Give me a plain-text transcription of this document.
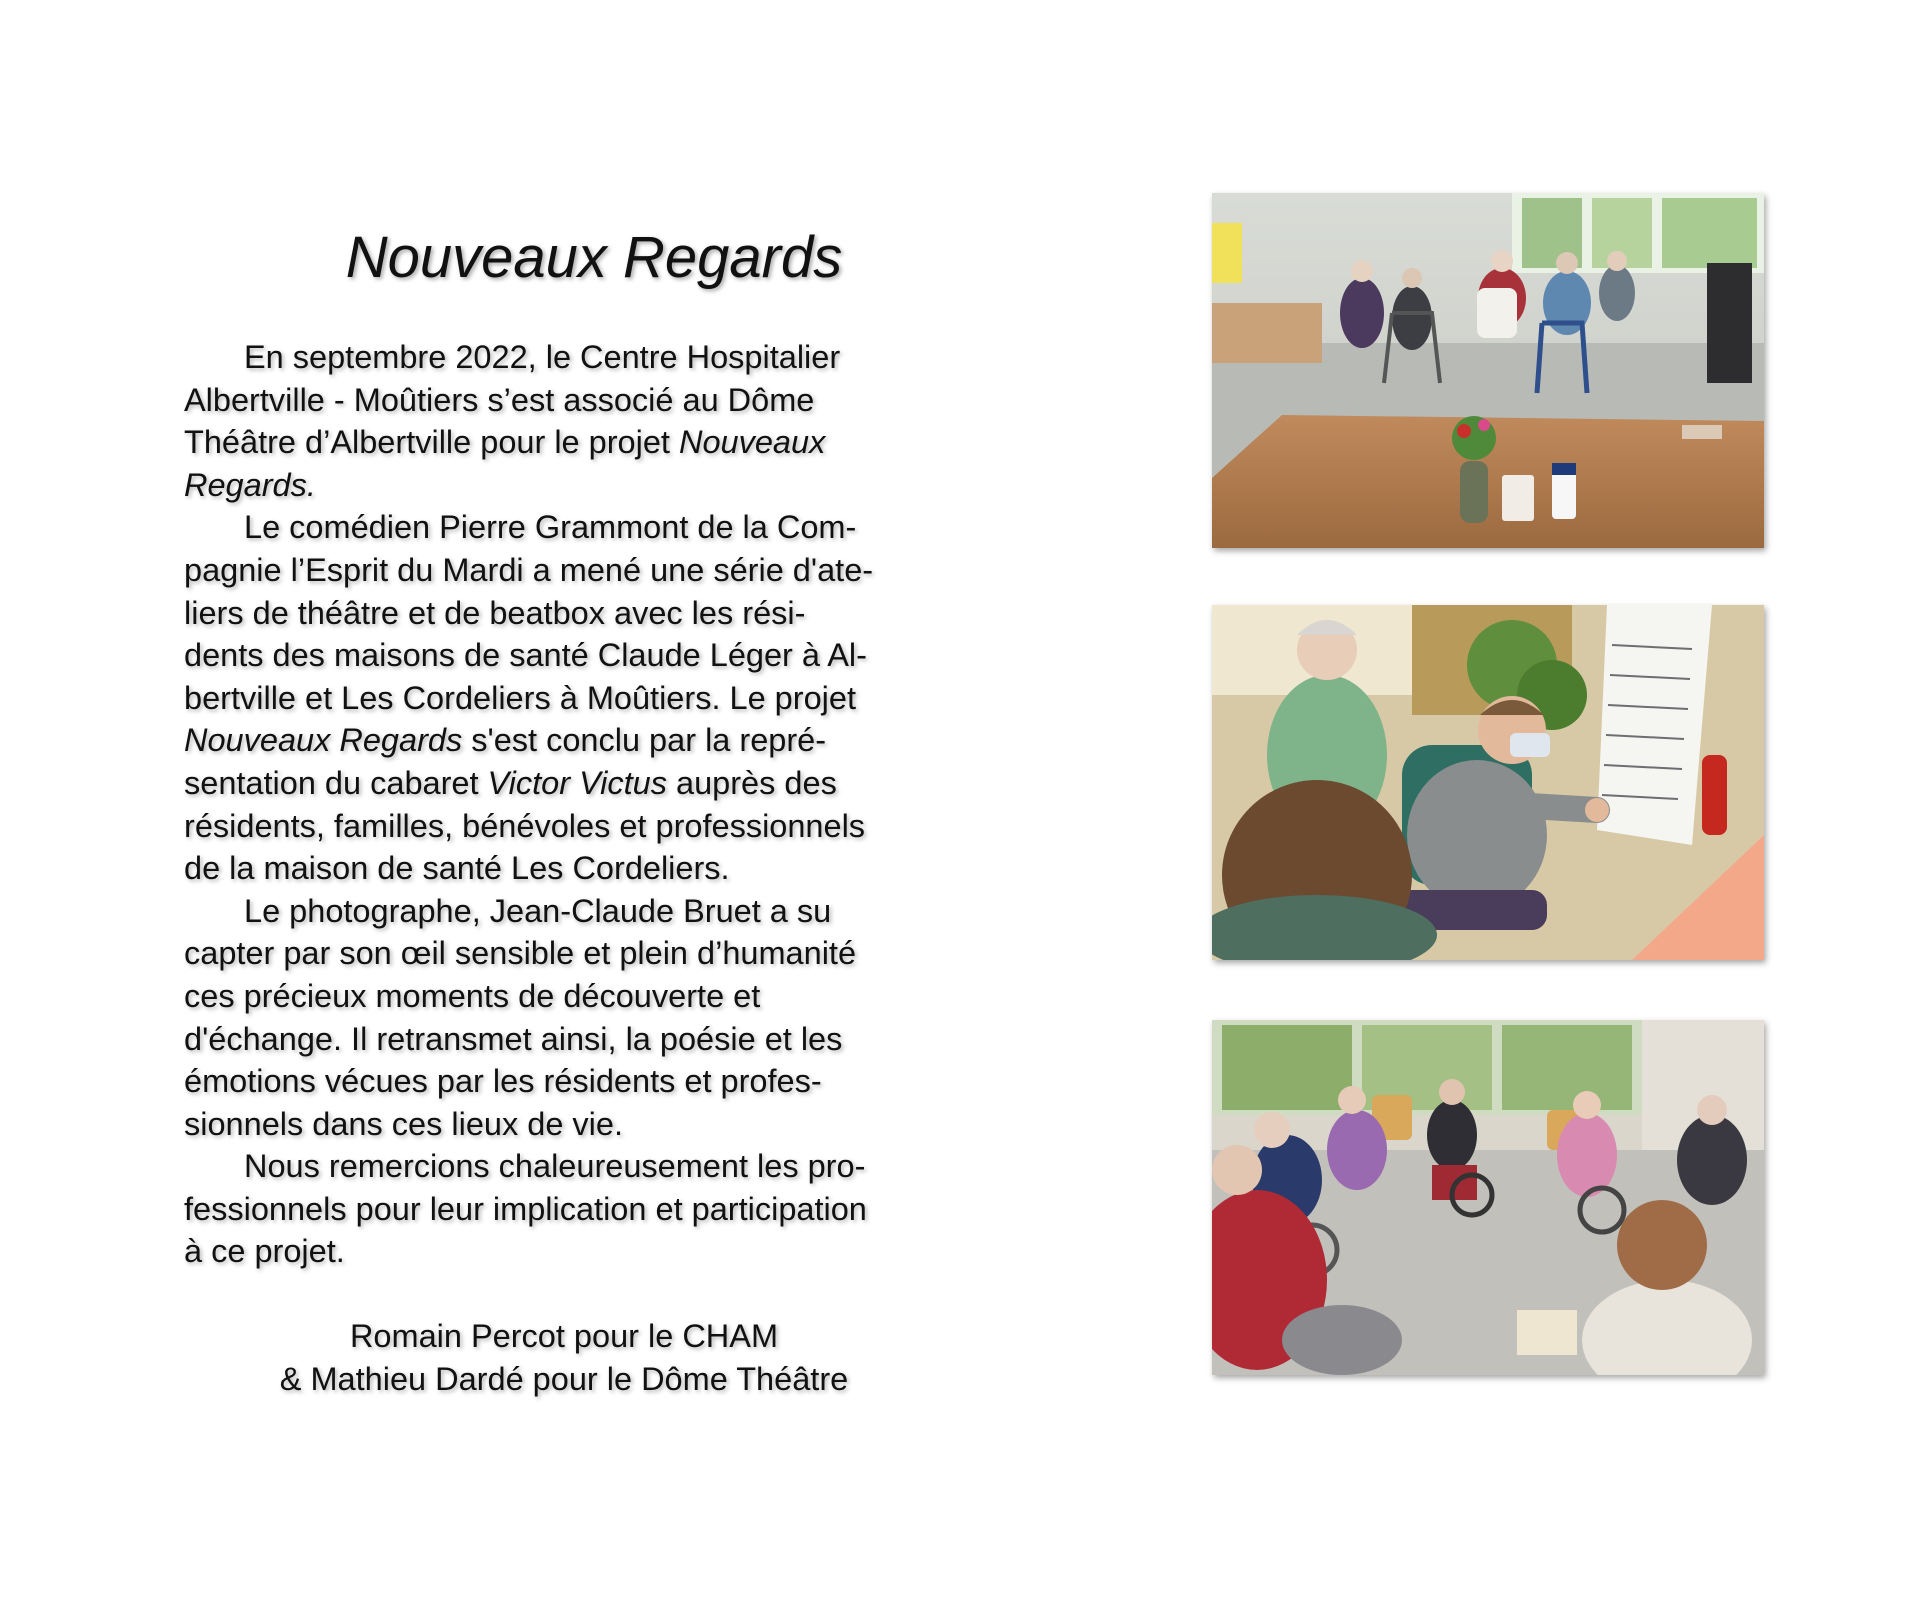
Nouveaux Regards

En septembre 2022, le Centre Hospitalier
Albertville - Moûtiers s’est associé au Dôme
Théâtre d’Albertville pour le projet Nouveaux
Regards.

Le comédien Pierre Grammont de la Com-
pagnie l’Esprit du Mardi a mené une série d'ate-
liers de théâtre et de beatbox avec les rési-
dents des maisons de santé Claude Léger à Al-
bertville et Les Cordeliers à Moûtiers. Le projet
Nouveaux Regards s'est conclu par la repré-
sentation du cabaret Victor Victus auprès des
résidents, familles, bénévoles et professionnels
de la maison de santé Les Cordeliers.

Le photographe, Jean-Claude Bruet a su
capter par son œil sensible et plein d’humanité
ces précieux moments de découverte et
d'échange. Il retransmet ainsi, la poésie et les
émotions vécues par les résidents et profes-
sionnels dans ces lieux de vie.

Nous remercions chaleureusement les pro-
fessionnels pour leur implication et participation
à ce projet.

Romain Percot pour le CHAM
& Mathieu Dardé pour le Dôme Théâtre
